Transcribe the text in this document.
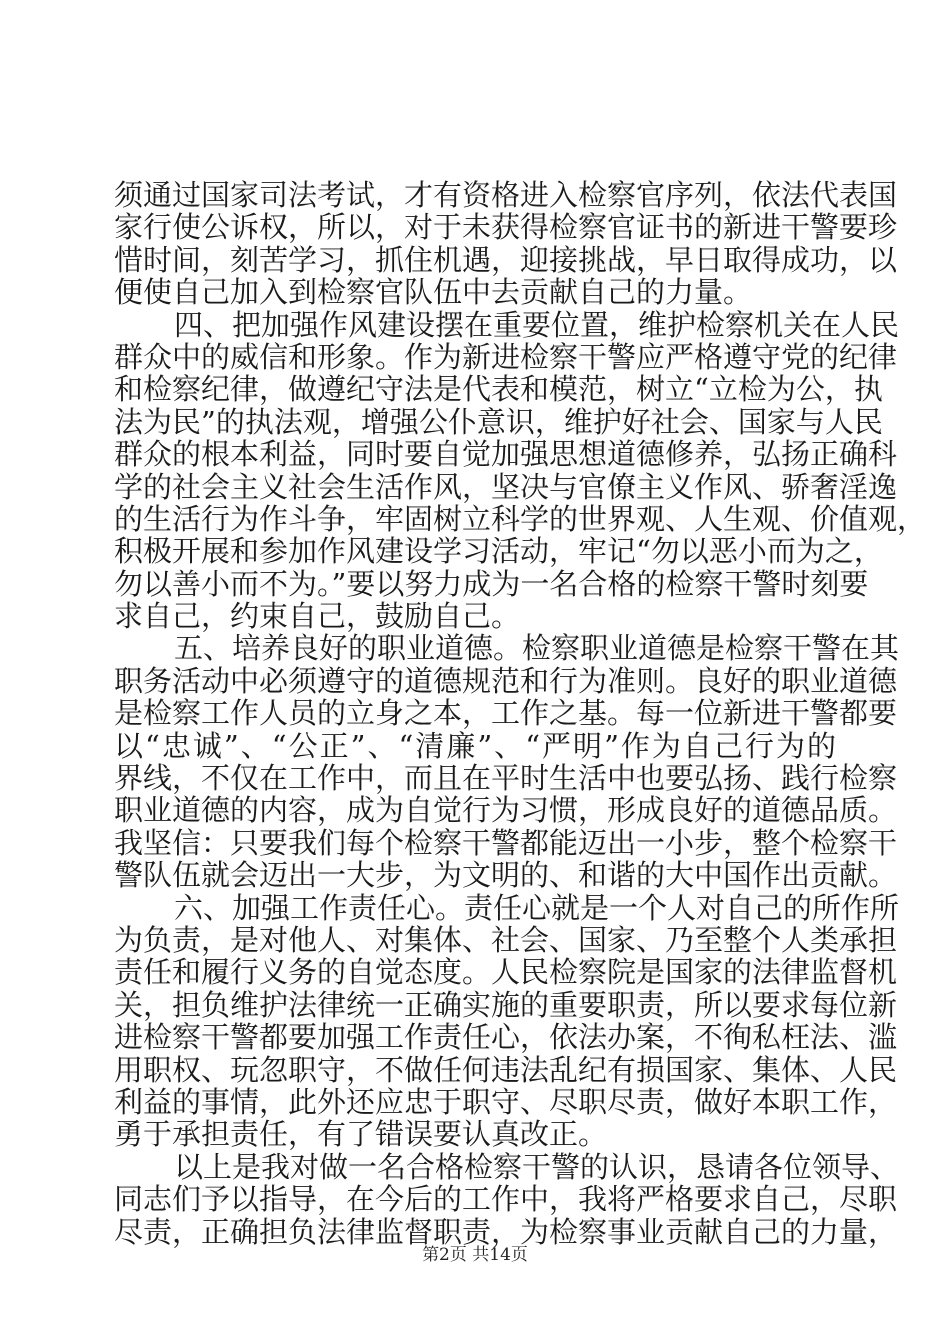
须通过国家司法考试，才有资格进入检察官序列，依法代表国
家行使公诉权，所以，对于未获得检察官证书的新进干警要珍
惜时间，刻苦学习，抓住机遇，迎接挑战，早日取得成功，以
便使自己加入到检察官队伍中去贡献自己的力量。
四、把加强作风建设摆在重要位置，维护检察机关在人民
群众中的威信和形象。作为新进检察干警应严格遵守党的纪律
和检察纪律，做遵纪守法是代表和模范，树立“立检为公，执
法为民”的执法观，增强公仆意识，维护好社会、国家与人民
群众的根本利益，同时要自觉加强思想道德修养，弘扬正确科
学的社会主义社会生活作风，坚决与官僚主义作风、骄奢淫逸
的生活行为作斗争，牢固树立科学的世界观、人生观、价值观，
积极开展和参加作风建设学习活动，牢记“勿以恶小而为之，
勿以善小而不为。”要以努力成为一名合格的检察干警时刻要
求自己，约束自己，鼓励自己。
五、培养良好的职业道德。检察职业道德是检察干警在其
职务活动中必须遵守的道德规范和行为准则。良好的职业道德
是检察工作人员的立身之本，工作之基。每一位新进干警都要
以“忠诚”、“公正”、“清廉”、“严明”作为自己行为的
界线，不仅在工作中，而且在平时生活中也要弘扬、践行检察
职业道德的内容，成为自觉行为习惯，形成良好的道德品质。
我坚信：只要我们每个检察干警都能迈出一小步，整个检察干
警队伍就会迈出一大步，为文明的、和谐的大中国作出贡献。
六、加强工作责任心。责任心就是一个人对自己的所作所
为负责，是对他人、对集体、社会、国家、乃至整个人类承担
责任和履行义务的自觉态度。人民检察院是国家的法律监督机
关，担负维护法律统一正确实施的重要职责，所以要求每位新
进检察干警都要加强工作责任心，依法办案，不徇私枉法、滥
用职权、玩忽职守，不做任何违法乱纪有损国家、集体、人民
利益的事情，此外还应忠于职守、尽职尽责，做好本职工作，
勇于承担责任，有了错误要认真改正。
以上是我对做一名合格检察干警的认识，恳请各位领导、
同志们予以指导，在今后的工作中，我将严格要求自己，尽职
尽责，正确担负法律监督职责，为检察事业贡献自己的力量，
第2页 共14页
